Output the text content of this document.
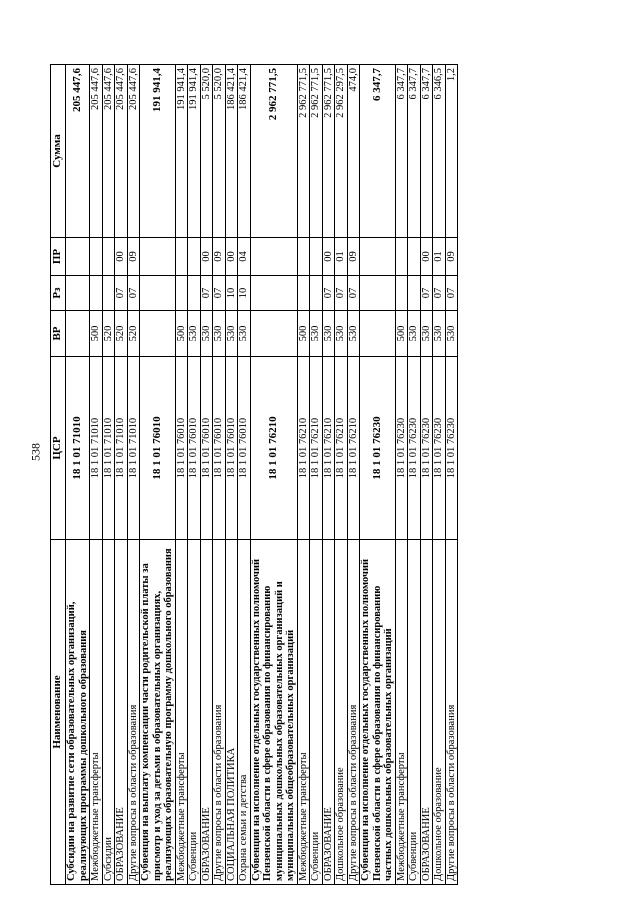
538
Наименование	ЦСР	ВР	Рз	ПР	Сумма
Субсидии на развитие сети образовательных организаций, реализующих программы дошкольного образования	18 1 01 71010				205 447,6
Межбюджетные трансферты	18 1 01 71010	500			205 447,6
Субсидии	18 1 01 71010	520			205 447,6
ОБРАЗОВАНИЕ	18 1 01 71010	520	07	00	205 447,6
Другие вопросы в области образования	18 1 01 71010	520	07	09	205 447,6
Субвенция на выплату компенсации части родительской платы за присмотр и уход за детьми в образовательных организациях, реализующих образовательную программу дошкольного образования	18 1 01 76010				191 941,4
Межбюджетные трансферты	18 1 01 76010	500			191 941,4
Субвенции	18 1 01 76010	530			191 941,4
ОБРАЗОВАНИЕ	18 1 01 76010	530	07	00	5 520,0
Другие вопросы в области образования	18 1 01 76010	530	07	09	5 520,0
СОЦИАЛЬНАЯ ПОЛИТИКА	18 1 01 76010	530	10	00	186 421,4
Охрана семьи и детства	18 1 01 76010	530	10	04	186 421,4
Субвенции на исполнение отдельных государственных полномочий Пензенской области в сфере образования по финансированию муниципальных дошкольных образовательных организаций и муниципальных общеобразовательных организаций	18 1 01 76210				2 962 771,5
Межбюджетные трансферты	18 1 01 76210	500			2 962 771,5
Субвенции	18 1 01 76210	530			2 962 771,5
ОБРАЗОВАНИЕ	18 1 01 76210	530	07	00	2 962 771,5
Дошкольное образование	18 1 01 76210	530	07	01	2 962 297,5
Другие вопросы в области образования	18 1 01 76210	530	07	09	474,0
Субвенции на исполнение отдельных государственных полномочий Пензенской области в сфере образования по финансированию частных дошкольных образовательных организаций	18 1 01 76230				6 347,7
Межбюджетные трансферты	18 1 01 76230	500			6 347,7
Субвенции	18 1 01 76230	530			6 347,7
ОБРАЗОВАНИЕ	18 1 01 76230	530	07	00	6 347,7
Дошкольное образование	18 1 01 76230	530	07	01	6 346,5
Другие вопросы в области образования	18 1 01 76230	530	07	09	1,2
